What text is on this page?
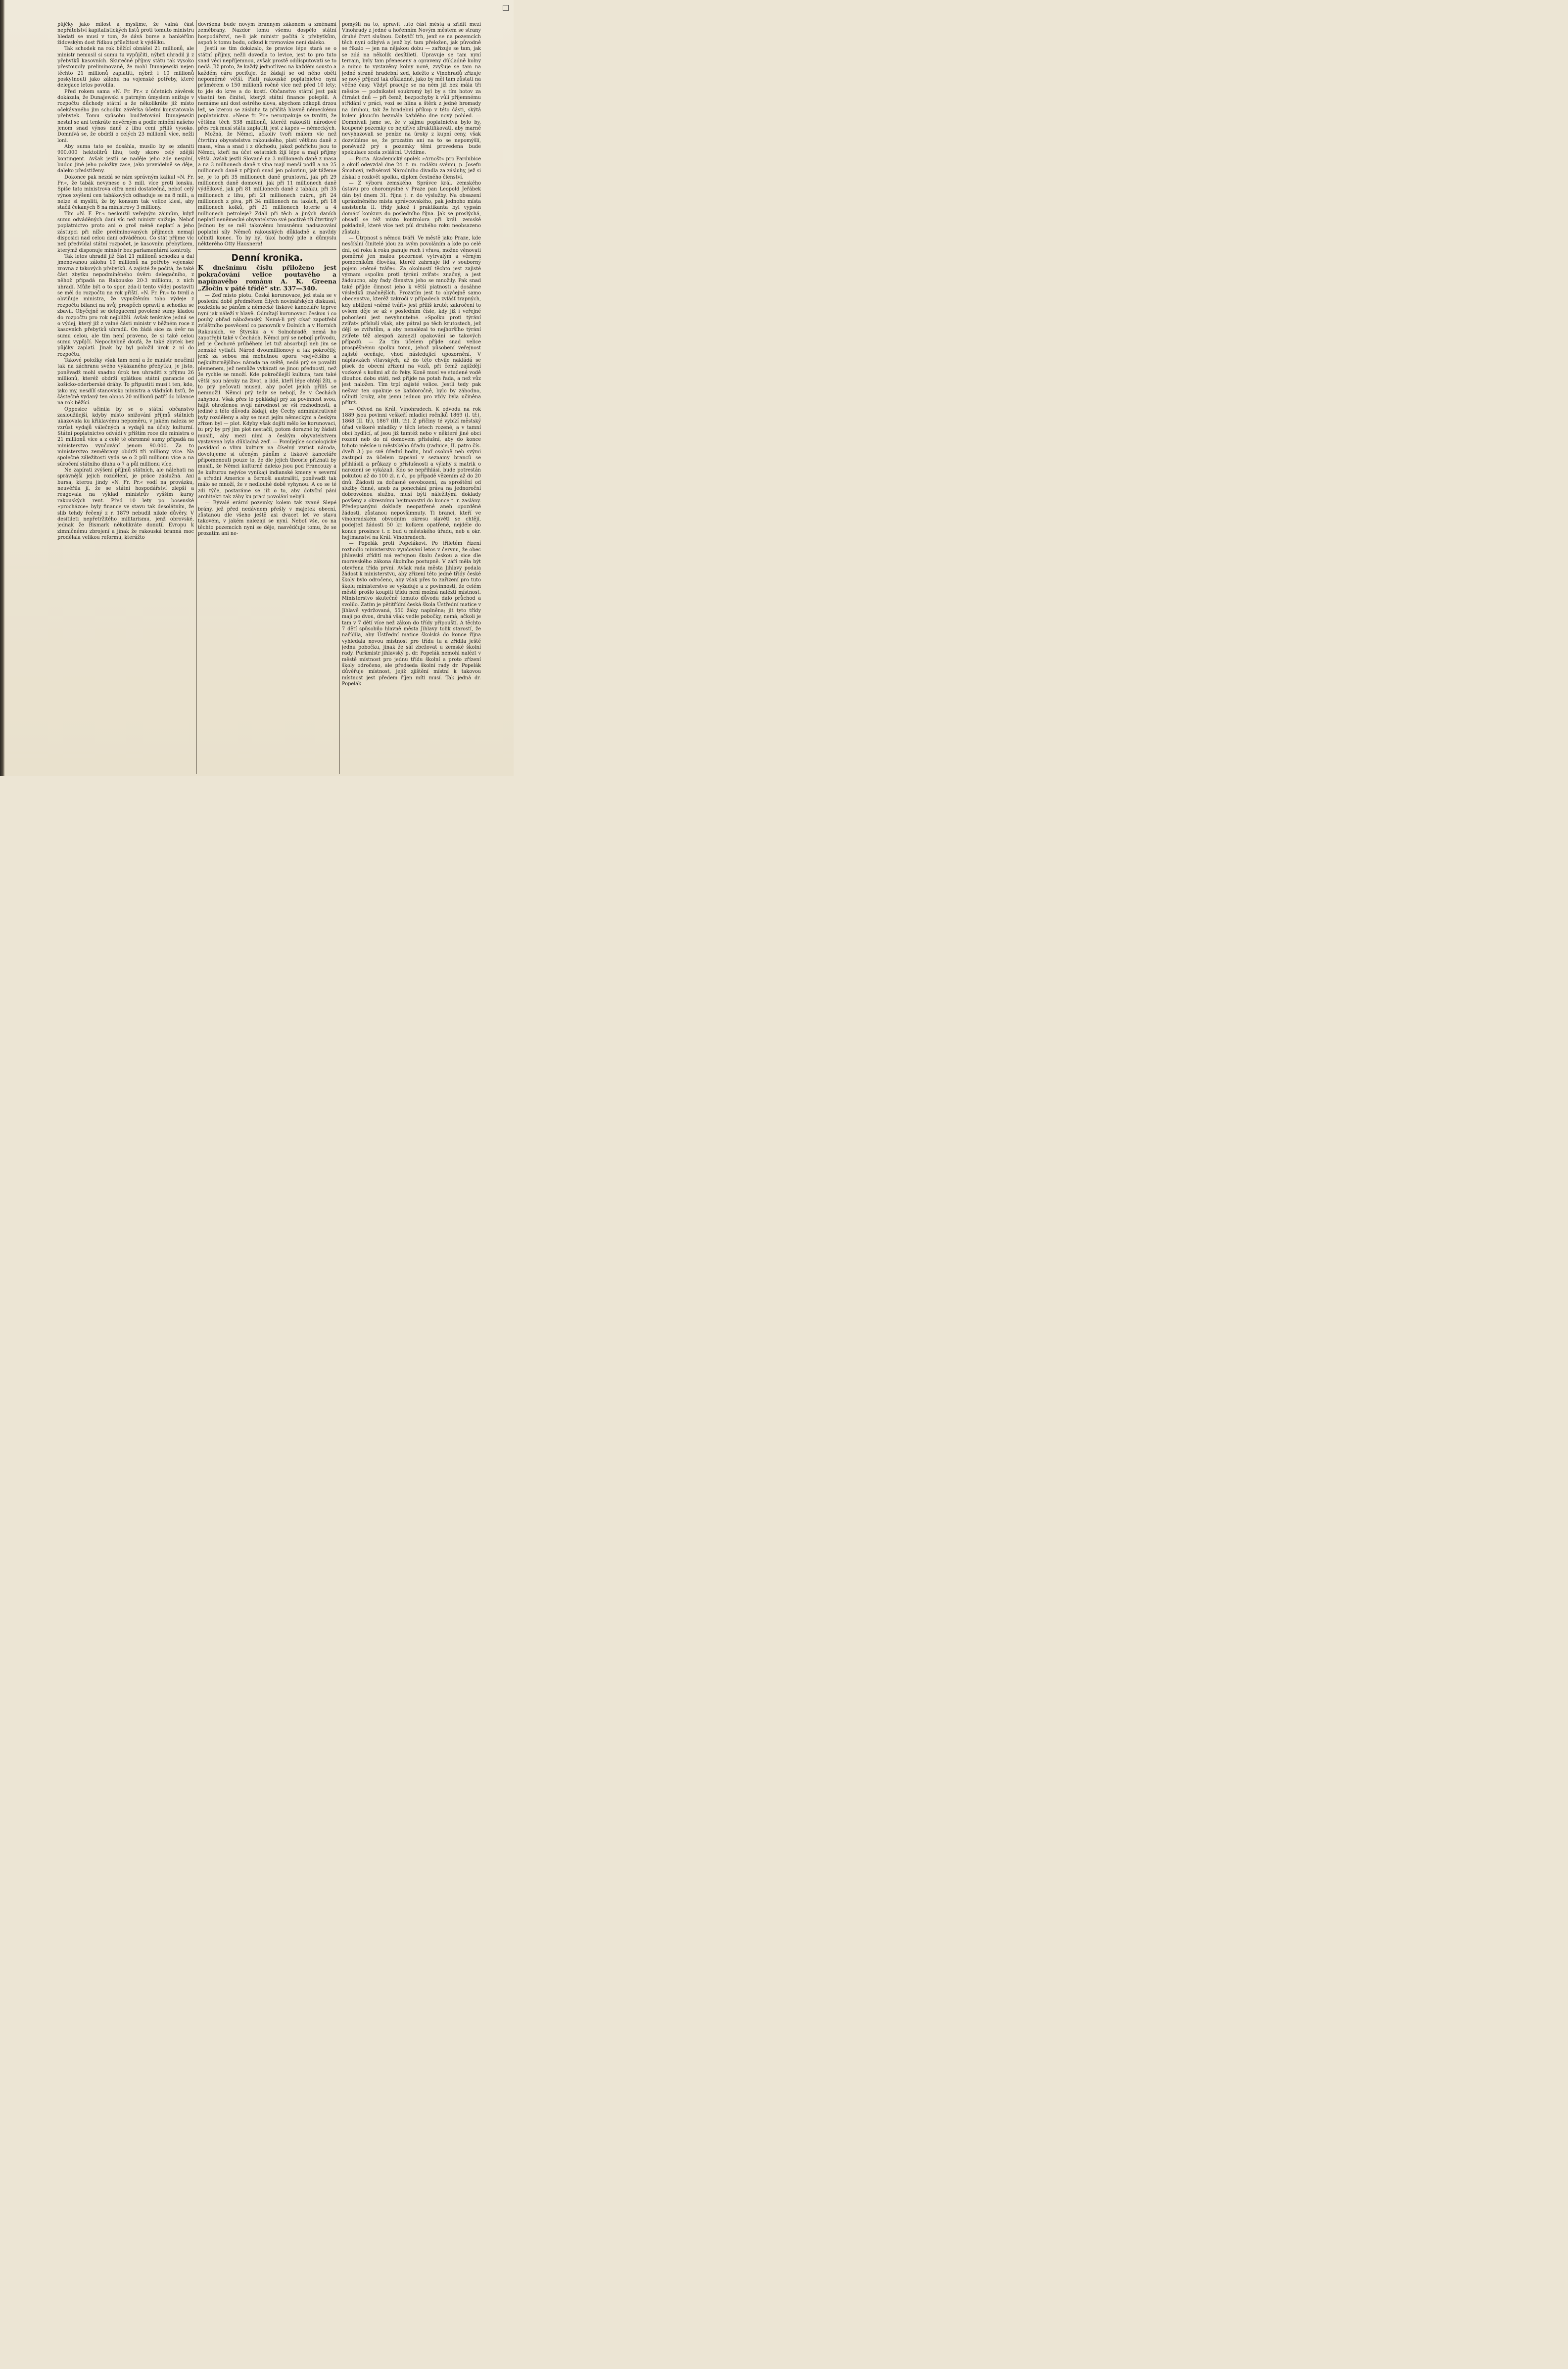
půjčky jako milost a myslíme, že valná část nepřátelství kapitalistických listů proti tomuto ministru hledati se musí v tom, že dává burse a bankéřům židovským dost řídkou příležitost k výdělku.

Tak schodek na rok běžící obnášel 21 millionů, ale ministr nemusil si sumu tu vypůjčiti, nýbrž uhradil ji z přebytků kasovních. Skutečné příjmy státu tak vysoko přestoupily preliminované, že mohl Dunajewski nejen těchto 21 millionů zaplatiti, nýbrž i 10 millionů poskytnouti jako zálohu na vojenské potřeby, které delegace letos povolila.

Před rokem sama »N. Fr. Pr.« z účetních závěrek dokázala, že Dunajewski s patrným úmyslem snižuje v rozpočtu důchody státní a že několikráte již místo očekávaného jim schodku závěrka účetní konstatovala přebytek. Tomu spůsobu budžetování Dunajewski nestal se ani tenkráte nevěrným a podle mínění našeho jenom snad výnos daně z lihu cení příliš vysoko. Domnívá se, že obdrží o celých 23 millionů více, nežli loni.

Aby suma tato se dosáhla, musilo by se zdaniti 900.000 hektolitrů lihu, tedy skoro celý zdější kontingent. Avšak jestli se naděje jeho zde nesplní, budou jiné jeho položky zase, jako pravidelně se děje, daleko předstiženy.

Dokonce pak nezdá se nám správným kalkul »N. Fr. Pr.«, že tabák nevynese o 3 mill. více proti lonsku. Spíše tato ministrova cifra není dostatečná, neboť celý výnos zvýšení cen tabákových odhaduje se na 8 mill., a nelze si mysliti, že by konsum tak velice klesl, aby stačil čekaných 8 na ministrovy 3 milliony.

Tím »N. F. Pr.« nesloužil veřejným zájmům, když sumu odváděných daní víc než ministr snižuje. Neboť poplatnictvo proto ani o groš méně neplatí a jeho zástupci při níže preliminovaných příjmech nemají disposici nad celou daní odváděnou. Co stát příjme víc než předvídal státní rozpočet, je kasovním přebytkem, kterýmž disponuje ministr bez parlamentární kontroly.

Tak letos uhradil již část 21 millionů schodku a dal jmenovanou zálohu 10 millionů na potřeby vojenské zrovna z takových přebytků. A zajisté že počítá, že také část zbytku nepodmíněného úvěru delegačního, z něhož připadá na Rakousko 20·3 millionu, z nich uhradí. Může být o to spor, zda-li tento výdej postaviti se měl do rozpočtu na rok příští. »N. Fr. Pr.« to tvrdí a obviňuje ministra, že vypuštěním toho výdeje z rozpočtu bilanci na svůj prospěch opravil a schodku se zbavil. Obyčejně se delegacemi povolené sumy kladou do rozpočtu pro rok nejbližší. Avšak tenkráte jedná se o výdej, který již z valné části ministr v běžném roce z kasovních přebytků uhradil. On žádá sice za úvěr na sumu celou, ale tím není praveno, že si také celou sumu vypůjčí. Nepochybně doufá, že také zbytek bez půjčky zaplatí. Jinak by byl položil úrok z ní do rozpočtu.

Takové položky však tam není a že ministr neučinil tak na záchranu svého vykázaného přebytku, je jisto, poněvadž mohl snadno úrok ten uhraditi z příjmu 26 millionů, kteréž obdrží splátkou státní garancie od košicko-oderberské dráhy. To připustiti musí i ten, kdo, jako my, nesdílí stanovisko ministra a vládních listů, že částečně vydaný ten obnos 20 millionů patří do bilance na rok běžící.

Opposice učinila by se o státní občanstvo zasloužilejší, kdyby místo snižování příjmů státních ukazovala ku křiklavému nepoměru, v jakém naleza se vzrůst vydajů válečných a vydajů na účely kulturní. Státní poplatnictvo odvádí v příštím roce dle ministra o 21 millionů více a z celé té ohromné sumy připadá na ministerstvo vyučování jenom 90.000. Za to ministerstvo zeměbrany obdrží tři milliony více. Na společné záležitosti vydá se o 2 půl millionu více a na súročení státního dluhu o 7 a půl millionu více.

Ne zapírati zvýšení příjmů státních, ale nálehati na správnější jejich rozdělení, je práce záslužná. Ani bursa, kterou jindy »N. Fr. Pr.« vodí na provázku, neuvěřila jí, že se státní hospodářství zlepší a reagovala na výklad ministrův vyšším kursy rakouských rent. Před 10 lety po bosenské »procházce« byly finance ve stavu tak desolátním, že slib tehdy řečený z r. 1879 nebudil nikde důvěry. V desítileti nepřetržitého militarismu, jenž obrovské, jednak že Bismark několikráte donutil Evropu k zimničnému zbrojení a jinak že rakouská branná moc prodělala velikou reformu, kterážto

dovršena bude novým branným zákonem a změnami zeměbrany. Nazdor tomu všemu dospělo státní hospodářství, ne-li jak ministr počítá k přebytkům, aspoň k tomu bodu, odkud k rovnováze není daleko.

Jestli se tím dokázalo, že pravice lépe stará se o státní příjmy, nežli dovedla to levice, jest to pro tuto snad věci nepříjemnou, avšak prostě oddisputovati se to nedá. Již proto, že každý jednotlivec na každém sousto a každém cáru pociťuje, že žádají se od něho oběti nepoměrně větší. Platí rakouské poplatnictvo nyní průměrem o 150 millionů ročně více než před 10 lety; to jde do krve a do kostí. Občanstvo státní jest pak vlastní ten činitel, kterýž státní finance polepšil. A nemáme ani dost ostrého slova, abychom odkopli drzou lež, se kterou se zásluha ta přičítá hlavně německému poplatnictvu. »Neue fr. Pr.« nerozpakuje se tvrditi, že většina těch 538 millionů, kteréž rakouští národové přes rok musí státu zaplatiti, jest z kapes — německých.

Možná, že Němci, ačkoliv tvoří málem víc než čtvrtinu obyvatelstva rakouského, platí většinu daně z masa, vína a snad i z důchodu, jakož pohříchu jsou to Němci, kteří na účet ostatních žijí lépe a mají příjmy větší. Avšak jestli Slované na 3 millionech daně z masa a na 3 millionech daně z vína mají menší podíl a na 25 millionech daně z příjmů snad jen polovinu, jak tážeme se, je to při 35 millionech daně gruntovní, jak při 29 millionech daně domovní, jak při 11 millionech daně výdělkové, jak při 81 millionech daně z tabáku, při 35 millionech z lihu, při 21 millionech cukru, při 24 millionech z piva, při 34 millionech na taxách, při 18 millionech kolků, při 21 millionech loterie a 4 millionech petroleje? Zdali při těch a jiných daních neplatí neněmecké obyvatelstvo své poctivé tři čtvrtiny? Jednou by se měl takovému hnusnému nadsazování poplatní síly Němců rakouských důkladně a navždy učiniti konec. To by byl úkol hodný pile a důmyslu některého Otty Hausnera!

Denní kronika.

K dnešnímu číslu přiloženo jest pokračování velice poutavého a napínavého románu A. K. Greena „Zločin v páté třídě“ str. 337—340.

— Zeď místo plotu. Česká korunovace, jež stala se v poslední době předmětem čilých novinářských diskussí, rozleželа se pánům z německé tiskové kanceláře teprve nyní jak náleží v hlavě. Odmítají korunovaci českou i co pouhý obřad náboženský. Nemá-li prý císař zapotřebí zvláštního posvěcení co panovník v Dolních a v Horních Rakousích, ve Štyrsku a v Solnohradě, nemá ho zapotřebí také v Čechách. Němci prý se nebojí průvodu, jež je Čechové průběhem let tuž absorbují neb jim se zemské vytlačí. Národ dvoumillionový a tak pokročilý, jenž za sebou má mohutnou oporu »největšího a nejkulturnějšího« národa na světě, nedá prý se povaliti plemenem, jež nemůže vykázati se jinou předností, než že rychle se množí. Kde pokročilejší kultura, tam také větší jsou nároky na život, a lidé, kteří lépe chtějí žíti, o to prý pečovati musejí, aby počet jejich příliš se nemnožil. Němci prý tedy se nebojí, že v Čechách zahynou. Však přes to pokládají prý za povinnost svou, hájit ohroženou svojí národnost se vší rozhodností, a jediné z této důvodu žádají, aby Čechy administrativně byly rozděleny a aby se mezi jejím německým a českým zřízen byl — plot. Kdyby však dojíti mělo ke korunovaci, tu prý by prý jim plot nestačil, potom dorazné by žádati musili, aby mezi nimi a českým obyvatelstvem vystavena byla důkladná zeď. — Pomíjejíce sociologické povídání o vlivu kultury na číselný vzrůst národa, dovolujeme si učeným pánům z tiskové kanceláře připomenouti pouze to, že dle jejich theorie přiznati by musili, že Němci kulturně dalеko jsou pod Francouzy a že kulturou nejvíce vynikají indianské kmeny v severní a střední Americe a černoši australští, poněvadž tak málo se množí, že v nedlouhé době vyhynou. A co se té zdi týče, postaráme se již o to, aby dotyční páni architekti tak záhy ku práci povolání nebyli.

— Bývalé erární pozemky kolem tak zvané Slepé brány, jež před nedávnem přešly v majetek obecní, zůstanou dle všeho ještě asi dvacet let ve stavu takovém, v jakém nalezají se nyní. Neboť vše, co na těchto pozemcích nyní se děje, nasvědčuje tomu, že se prozatím ani ne-

pomýšlí na to, upravit tuto část města a zřídit mezi Vinohrady z jedné a hořenním Novým městem se strany druhé čtvrt slušnou. Dobytčí trh, jenž se na pozemcích těch nyní odbývá a jenž byl tam přeložen, jak původně se říkalo — jen na nějakou dobu — zařizuje se tam, jak se zdá na několik desítiletí. Upravuje se tam nyní terrain, byly tam přeneseny a opraveny důkladně kolny a mimo to vystavěny kolny nové, zvyšuje se tam na jedné straně hradební zeď, kdežto z Vinohradů zřizuje se nový příjezd tak důkladně, jako by měl tam zůstati na věčné časy. Vždyť pracuje se na něm již bez mála tři měsíce — podnikatel soukromý byl by s tím hotov za čtrnáct dnů — při čemž, bezpochyby k vůli příjemnému střídání v práci, vozí se hlína a štěrk z jedné hromady na druhou, tak že hradební příkop v této části, skýtá kolem jdoucím bezmála každého dne nový pohled. — Domnívali jsme se, že v zájmu poplatnictva bylo by, koupené pozemky co nejdříve zfruktifikovati, aby marně nevyhazovali se peníze na úroky z kupní ceny, však dozvídáme se, že prozatím ani na to se nepomýšlí, poněvadž prý s pozemky těmi provedena bude spekulace zcela zvláštní. Uvidíme.

— Pocta. Akademický spolek »Arnošt« pro Pardubice a okolí odevzdal dne 24. t. m. rodáku svému, p. Josefu Šmahovi, režisérovi Národního divadla za zásluhy, jež si získal o rozkvět spolku, diplom čestného členství.

— Z výboru zemského. Správce král. zemského ústavu pro choromyslné v Praze pan Leopold Jeřábek dán byl dnem 31. října t. r. do výslužby. Na obsazení uprázdněného místa správcovského, pak jednoho místa assistenta II. třídy jakož i praktikanta byl vypsán domácí konkurs do posledního října. Jak se proslýchá, obsadí se též místo kontrolora při král. zemské pokladně, které více než půl druhého roku neobsazeno zůstalo.

— Útrpnost s němou tváří. Ve městě jako Praze, kde nesčíslní činitelé jdou za svým povoláním a kde po celé dni, od roku k roku panuje ruch i vřava, možno věnovati poměrně jen malou pozornost vytrvalým a věrným pomocníkům člověka, kteréž zahrnuje lid v souborný pojem »němé tváře«. Za okolností těchto jest zajisté význam »spolku proti týrání zvířat« značný, a jest žádoucno, aby řady členstva jeho se množily. Pak snad také příjde činnost jeho k větší platnosti a dosáhne výsledků značnějších. Prozatím jest to obyčejně samo obecenstvo, kteréž zakročí v případech zvlášť trapných, kdy ublížení »němé tváři« jest příliš kruté; zakročení to ovšem děje se až v posledním čísle, kdy již i veřejné pohoršení jest nevyhnutelné. »Spolku proti týrání zvířat« přísluší však, aby pátral po těch krutostech, jež dějí se zvířatům, a aby nenalézal to nejhoršího týrání zvířete též alespoň zamezil opakování se takových případů. — Za tím účelem příjde snad velice prospěšnému spolku tomu, jehož působení veřejnost zajisté oceňuje, vhod následující upozornění. V náplavkách vltavských, až do této chvíle nakládá se písek do obecní zřízení na vozů, při čemž zajíždějí vozkové s koňmi až do řeky. Koně musí ve studené vodě dlouhou dobu státi, než přijde na potah řada, a než vůz jest naložen. Tím trpí zajisté velice. Jestli tedy pak nešvar ten opakuje se každoročně, bylo by záhodno, učiniti kroky, aby jemu jednou pro vždy byla učiněna přítrž.

— Odvod na Král. Vinohradech. K odvodu na rok 1889 jsou povinni veškeří mladíci ročníků 1869 (I. tř.), 1868 (II. tř.), 1867 (III. tř.). Z příčiny té vybízí městský úřad veškeré mladíky v těch letech rozené, a v tamní obci bydlící, ať jsou již tamtéž nebo v některé jiné obci rozeni neb do ní domovem příslušní, aby do konce tohoto měsíce u městského úřadu (radnice, II. patro čís. dveří 3.) po své úřední hodin, buď osobně neb svými zastupci za účelem zapsání v seznamy branců se přihlásili a průkazy o příslušnosti a výlahy z matrik o narození se vykázali. Kdo se nepřihlásí, bude potrestán pokutou až do 100 zl. r. č., po případě vězením až do 20 dnů. Žádosti za dočasné osvobození, za sproštění od služby činné, aneb za ponechání práva na jednoroční dobrovolnou službu, musí býti náležitými doklady povšeny a okresnímu hejtmanství do konce t. r. zaslány. Předepsanými doklady neopatřené aneb opozděné žádosti, zůstanou nepovšimnuty. Ti branci, kteří ve vinohradském obvodním okresu slavěti se chtějí, podejtež žádosti 50 kr. kolkem opatřené, nejdéle do konce prosince t. r. buď u městského úřadu, neb u okr. hejtmanství na Král. Vinohradech.

— Popelák proti Popelákovi. Po třiletém řízení rozhodlo ministerstvo vyučování letos v červnu, že obec jihlavská zřídití má veřejnou školu českou a sice dle moravského zákona školního postupně. V září měla být otevřena třída první. Avšak rada města Jihlavy podala žádost k ministerstvu, aby zřízení této jedné třídy české školy bylo odročeno, aby však přes to zařízení pro tuto školu ministerstvo se vyžaduje a z povinnosti, že celém městě prošlo koupiti třídu není možná nalézti místnost. Ministerstvo skutečně tomuto důvodu dalo průchod a svolilo. Zatím je pětitřídní česká škola Ústřední matice v Jihlavě vydržovaná, 550 žáky naplněna; jiť tyto třídy mají po dvou, druhá však vedle pobočky, nemá, ačkoli je tam v 7 dětí více než zákon do třídy připouští. A těchto 7 dětí spůsobilo hlavně města Jihlavy tolik starostí, že nařídila, aby Ústřední matice školská do konce října vyhledala novou místnost pro třídu tu a zřídila ještě jednu pobočku, jinak že sál zbežovat u zemské školní rady. Purkmistr jihlavský p. dr. Popelák nemohl nalézt v městě místnost pro jednu třídu školní a proto zřízení školy odročeno, ale předseda školní rady dr. Popelák důvěřuje místnost, jejíž zjištění místní k takovou místnost jest předem říjen míti musí. Tak jedná dr. Popelák
